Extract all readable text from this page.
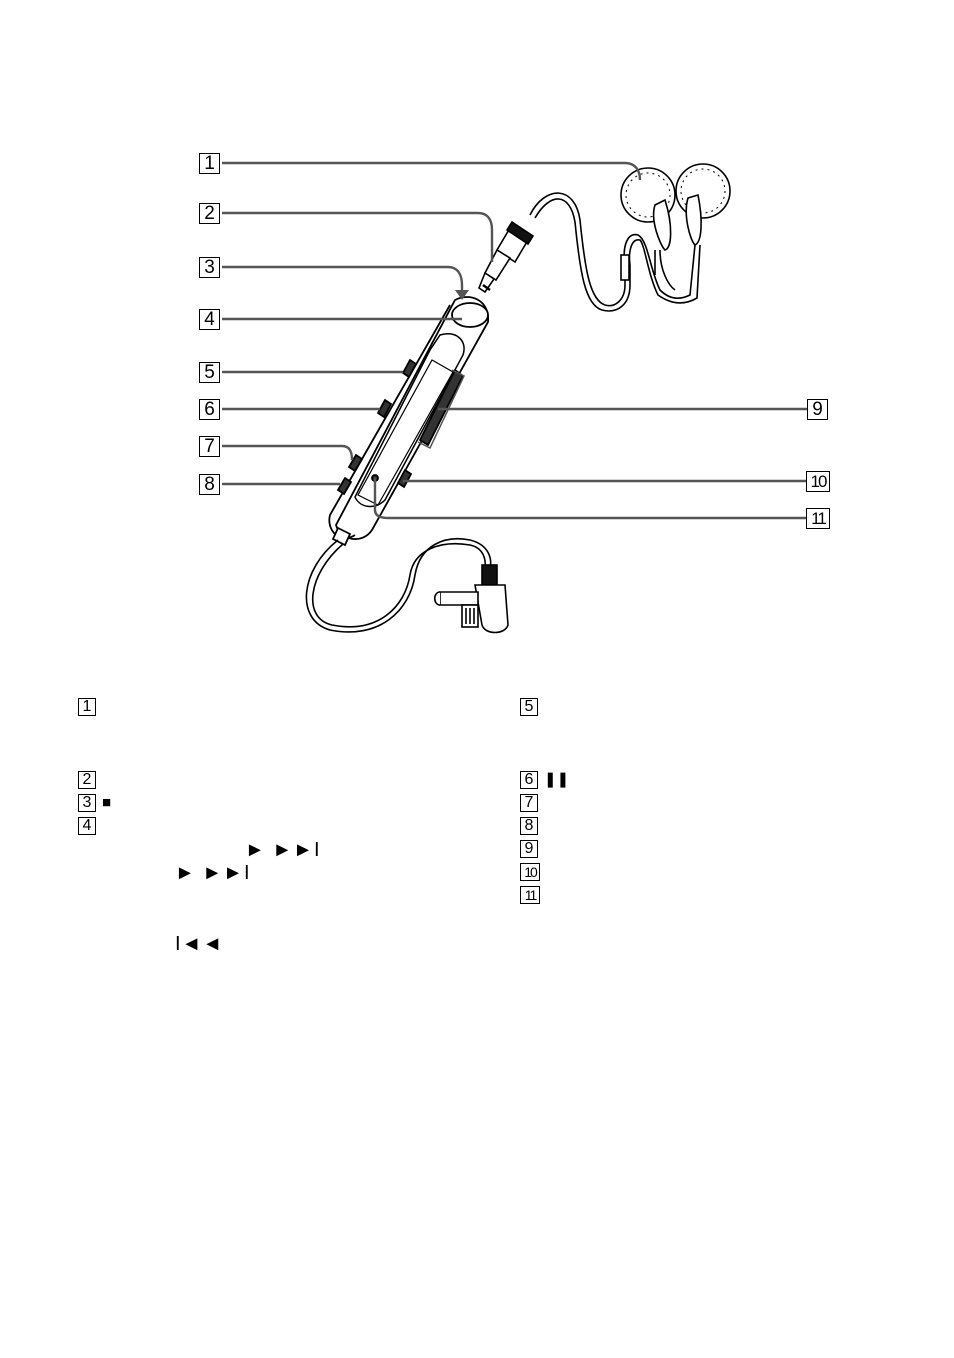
1
2
3
4
5
6
7
8
9
10
11
1
2
3 ■
4
► ►►I
► ►►I
I◄◄
5
6 ❚❚
7
8
9
10
11
